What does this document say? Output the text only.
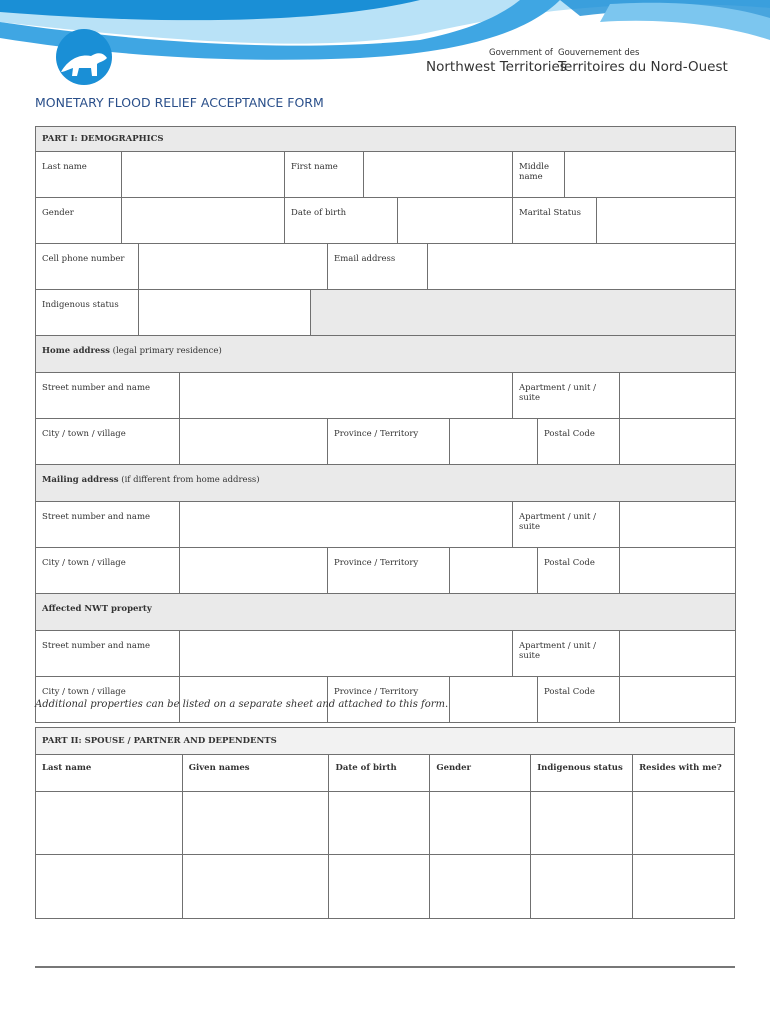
Government of
Northwest Territories
Gouvernement des
Territoires du Nord-Ouest
MONETARY FLOOD RELIEF ACCEPTANCE FORM
PART I: DEMOGRAPHICS															
Last name				First name							Middle name				
Gender				Date of birth							Marital Status				
Cell phone number						Email address									
Indigenous status															
Home address (legal primary residence)															
Street number and name											Apartment / unit / suite				
City / town / village						Province / Territory						Postal Code			
Mailing address (if different from home address)															
Street number and name											Apartment / unit / suite				
City / town / village						Province / Territory						Postal Code			
Affected NWT property															
Street number and name											Apartment / unit / suite				
City / town / village						Province / Territory						Postal Code			
Additional properties can be listed on a separate sheet and attached to this form.
PART II: SPOUSE / PARTNER AND DEPENDENTS					
Last name	Given names	Date of birth	Gender	Indigenous status	Resides with me?
